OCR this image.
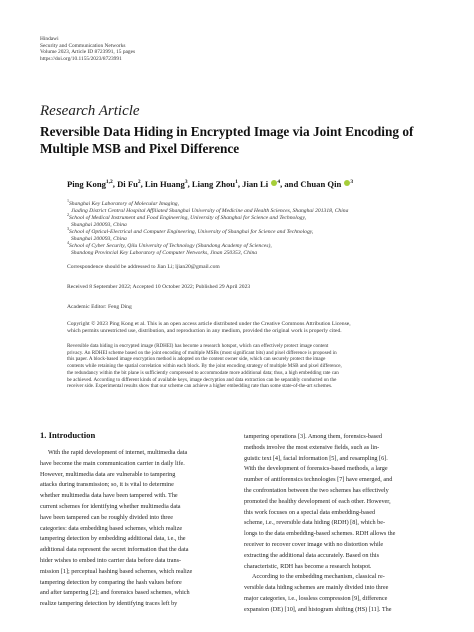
Hindawi
Security and Communication Networks
Volume 2023, Article ID 8723991, 15 pages
https://doi.org/10.1155/2023/8723991
Research Article
Reversible Data Hiding in Encrypted Image via Joint Encoding of
Multiple MSB and Pixel Difference
Ping Kong$^{1,2}$, Di Fu$^2$, Lin Huang$^3$, Liang Zhou$^1$, Jian Li $^4$, and Chuan Qin $^3$
$^1$Shanghai Key Laboratory of Molecular Imaging,
Jiading District Central Hospital Affiliated Shanghai University of Medicine and Health Sciences, Shanghai 201318, China
$^2$School of Medical Instrument and Food Engineering, University of Shanghai for Science and Technology,
Shanghai 200093, China
$^3$School of Optical-Electrical and Computer Engineering, University of Shanghai for Science and Technology,
Shanghai 200093, China
$^4$School of Cyber Security, Qilu University of Technology (Shandong Academy of Sciences),
Shandong Provincial Key Laboratory of Computer Networks, Jinan 250353, China
Correspondence should be addressed to Jian Li; ljian20@gmail.com
Received 8 September 2022; Accepted 10 October 2022; Published 29 April 2023
Academic Editor: Feng Ding
Copyright © 2023 Ping Kong et al. This is an open access article distributed under the Creative Commons Attribution License,
which permits unrestricted use, distribution, and reproduction in any medium, provided the original work is properly cited.
Reversible data hiding in encrypted image (RDHEI) has become a research hotspot, which can effectively protect image content
privacy. An RDHEI scheme based on the joint encoding of multiple MSBs (most significant bits) and pixel difference is proposed in
this paper. A block-based image encryption method is adopted on the content owner side, which can securely protect the image
contents while retaining the spatial correlation within each block. By the joint encoding strategy of multiple MSB and pixel difference,
the redundancy within the bit plane is sufficiently compressed to accommodate more additional data; thus, a high embedding rate can
be achieved. According to different kinds of available keys, image decryption and data extraction can be separably conducted on the
receiver side. Experimental results show that our scheme can achieve a higher embedding rate than some state-of-the-art schemes.
1. Introduction
With the rapid development of internet, multimedia data
have become the main communication carrier in daily life.
However, multimedia data are vulnerable to tampering
attacks during transmission; so, it is vital to determine
whether multimedia data have been tampered with. The
current schemes for identifying whether multimedia data
have been tampered can be roughly divided into three
categories: data embedding based schemes, which realize
tampering detection by embedding additional data, i.e., the
additional data represent the secret information that the data
hider wishes to embed into carrier data before data trans-
mission [1]; perceptual hashing based schemes, which realize
tampering detection by comparing the hash values before
and after tampering [2]; and forensics based schemes, which
realize tampering detection by identifying traces left by
tampering operations [3]. Among them, forensics-based
methods involve the most extensive fields, such as lin-
guistic text [4], facial information [5], and resampling [6].
With the development of forensics-based methods, a large
number of antiforensics technologies [7] have emerged, and
the confrontation between the two schemes has effectively
promoted the healthy development of each other. However,
this work focuses on a special data embedding-based
scheme, i.e., reversible data hiding (RDH) [8], which be-
longs to the data embedding-based schemes. RDH allows the
receiver to recover cover image with no distortion while
extracting the additional data accurately. Based on this
characteristic, RDH has become a research hotspot.
According to the embedding mechanism, classical re-
versible data hiding schemes are mainly divided into three
major categories, i.e., lossless compression [9], difference
expansion (DE) [10], and histogram shifting (HS) [11]. The
